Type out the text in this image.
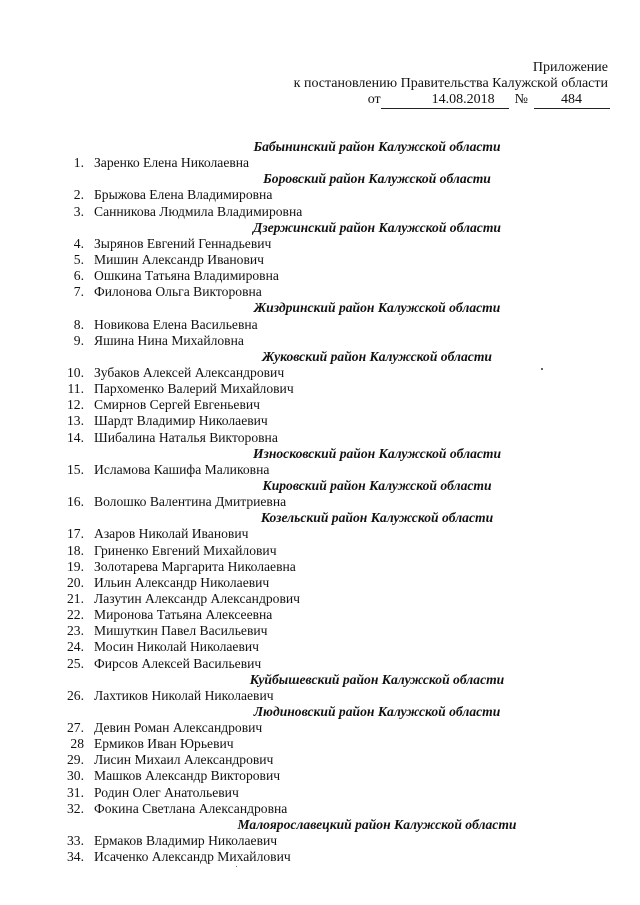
Приложение
к постановлению Правительства Калужской области
от	14.08.2018 № 484
Бабынинский район Калужской области
1. Заренко Елена Николаевна
Боровский район Калужской области
2. Брыжова Елена Владимировна
3. Санникова Людмила Владимировна
Дзержинский район Калужской области
4. Зырянов Евгений Геннадьевич
5. Мишин Александр Иванович
6. Ошкина Татьяна Владимировна
7. Филонова Ольга Викторовна
Жиздринский район Калужской области
8. Новикова Елена Васильевна
9. Яшина Нина Михайловна
Жуковский район Калужской области
10. Зубаков Алексей Александрович
11. Пархоменко Валерий Михайлович
12. Смирнов Сергей Евгеньевич
13. Шардт Владимир Николаевич
14. Шибалина Наталья Викторовна
Износковский район Калужской области
15. Исламова Кашифа Маликовна
Кировский район Калужской области
16. Волошко Валентина Дмитриевна
Козельский район Калужской области
17. Азаров Николай Иванович
18. Гриненко Евгений Михайлович
19. Золотарева Маргарита Николаевна
20. Ильин Александр Николаевич
21. Лазутин Александр Александрович
22. Миронова Татьяна Алексеевна
23. Мишуткин Павел Васильевич
24. Мосин Николай Николаевич
25. Фирсов Алексей Васильевич
Куйбышевский район Калужской области
26. Лахтиков Николай Николаевич
Людиновский район Калужской области
27. Девин Роман Александрович
28 Ермиков Иван Юрьевич
29. Лисин Михаил Александрович
30. Машков Александр Викторович
31. Родин Олег Анатольевич
32. Фокина Светлана Александровна
Малоярославецкий район Калужской области
33. Ермаков Владимир Николаевич
34. Исаченко Александр Михайлович
